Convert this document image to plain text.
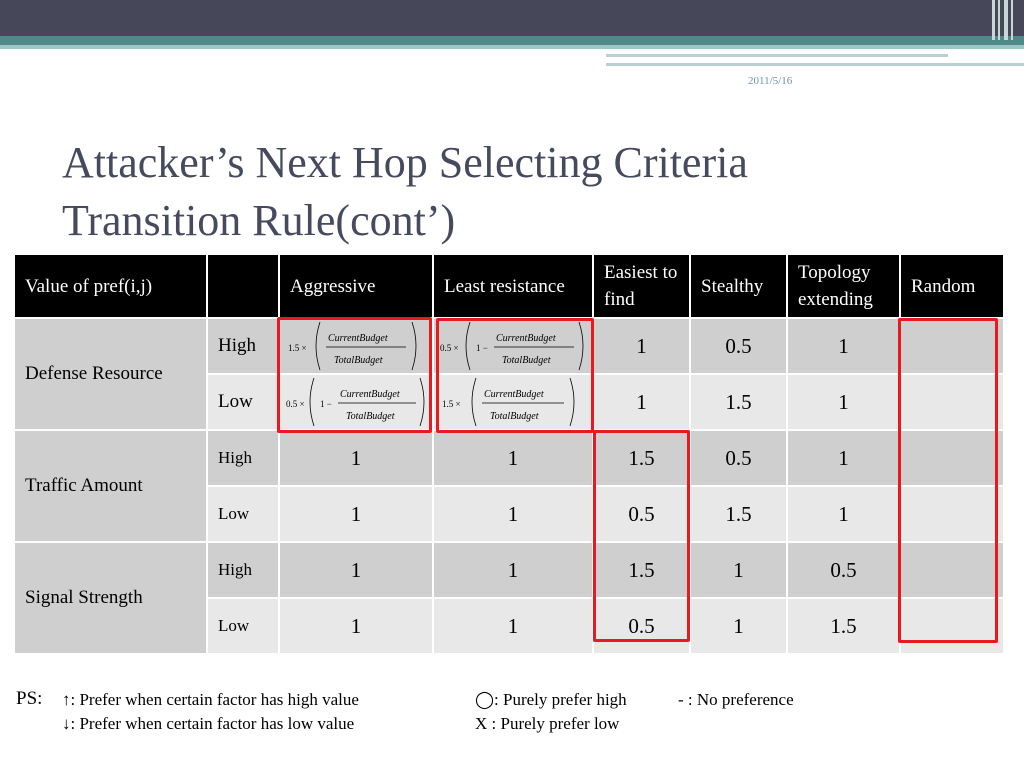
2011/5/16
Attacker’s Next Hop Selecting Criteria
Transition Rule(cont’)
Value of pref(i,j)		Aggressive	Least resistance	Easiest to find	Stealthy	Topology extending	Random
Defense Resource	High	1.5 ×
CurrentBudget
TotalBudget	0.5 × 1 −
CurrentBudget
TotalBudget	1	0.5	1	
	Low	0.5 × 1 −
CurrentBudget
TotalBudget	1.5 ×
CurrentBudget
TotalBudget	1	1.5	1	
Traffic Amount	High	1	1	1.5	0.5	1	
	Low	1	1	0.5	1.5	1	
Signal Strength	High	1	1	1.5	1	0.5	
	Low	1	1	0.5	1	1.5	
PS: ↑: Prefer when certain factor has high value
↓: Prefer when certain factor has low value
◯: Purely prefer high
X : Purely prefer low
- : No preference
